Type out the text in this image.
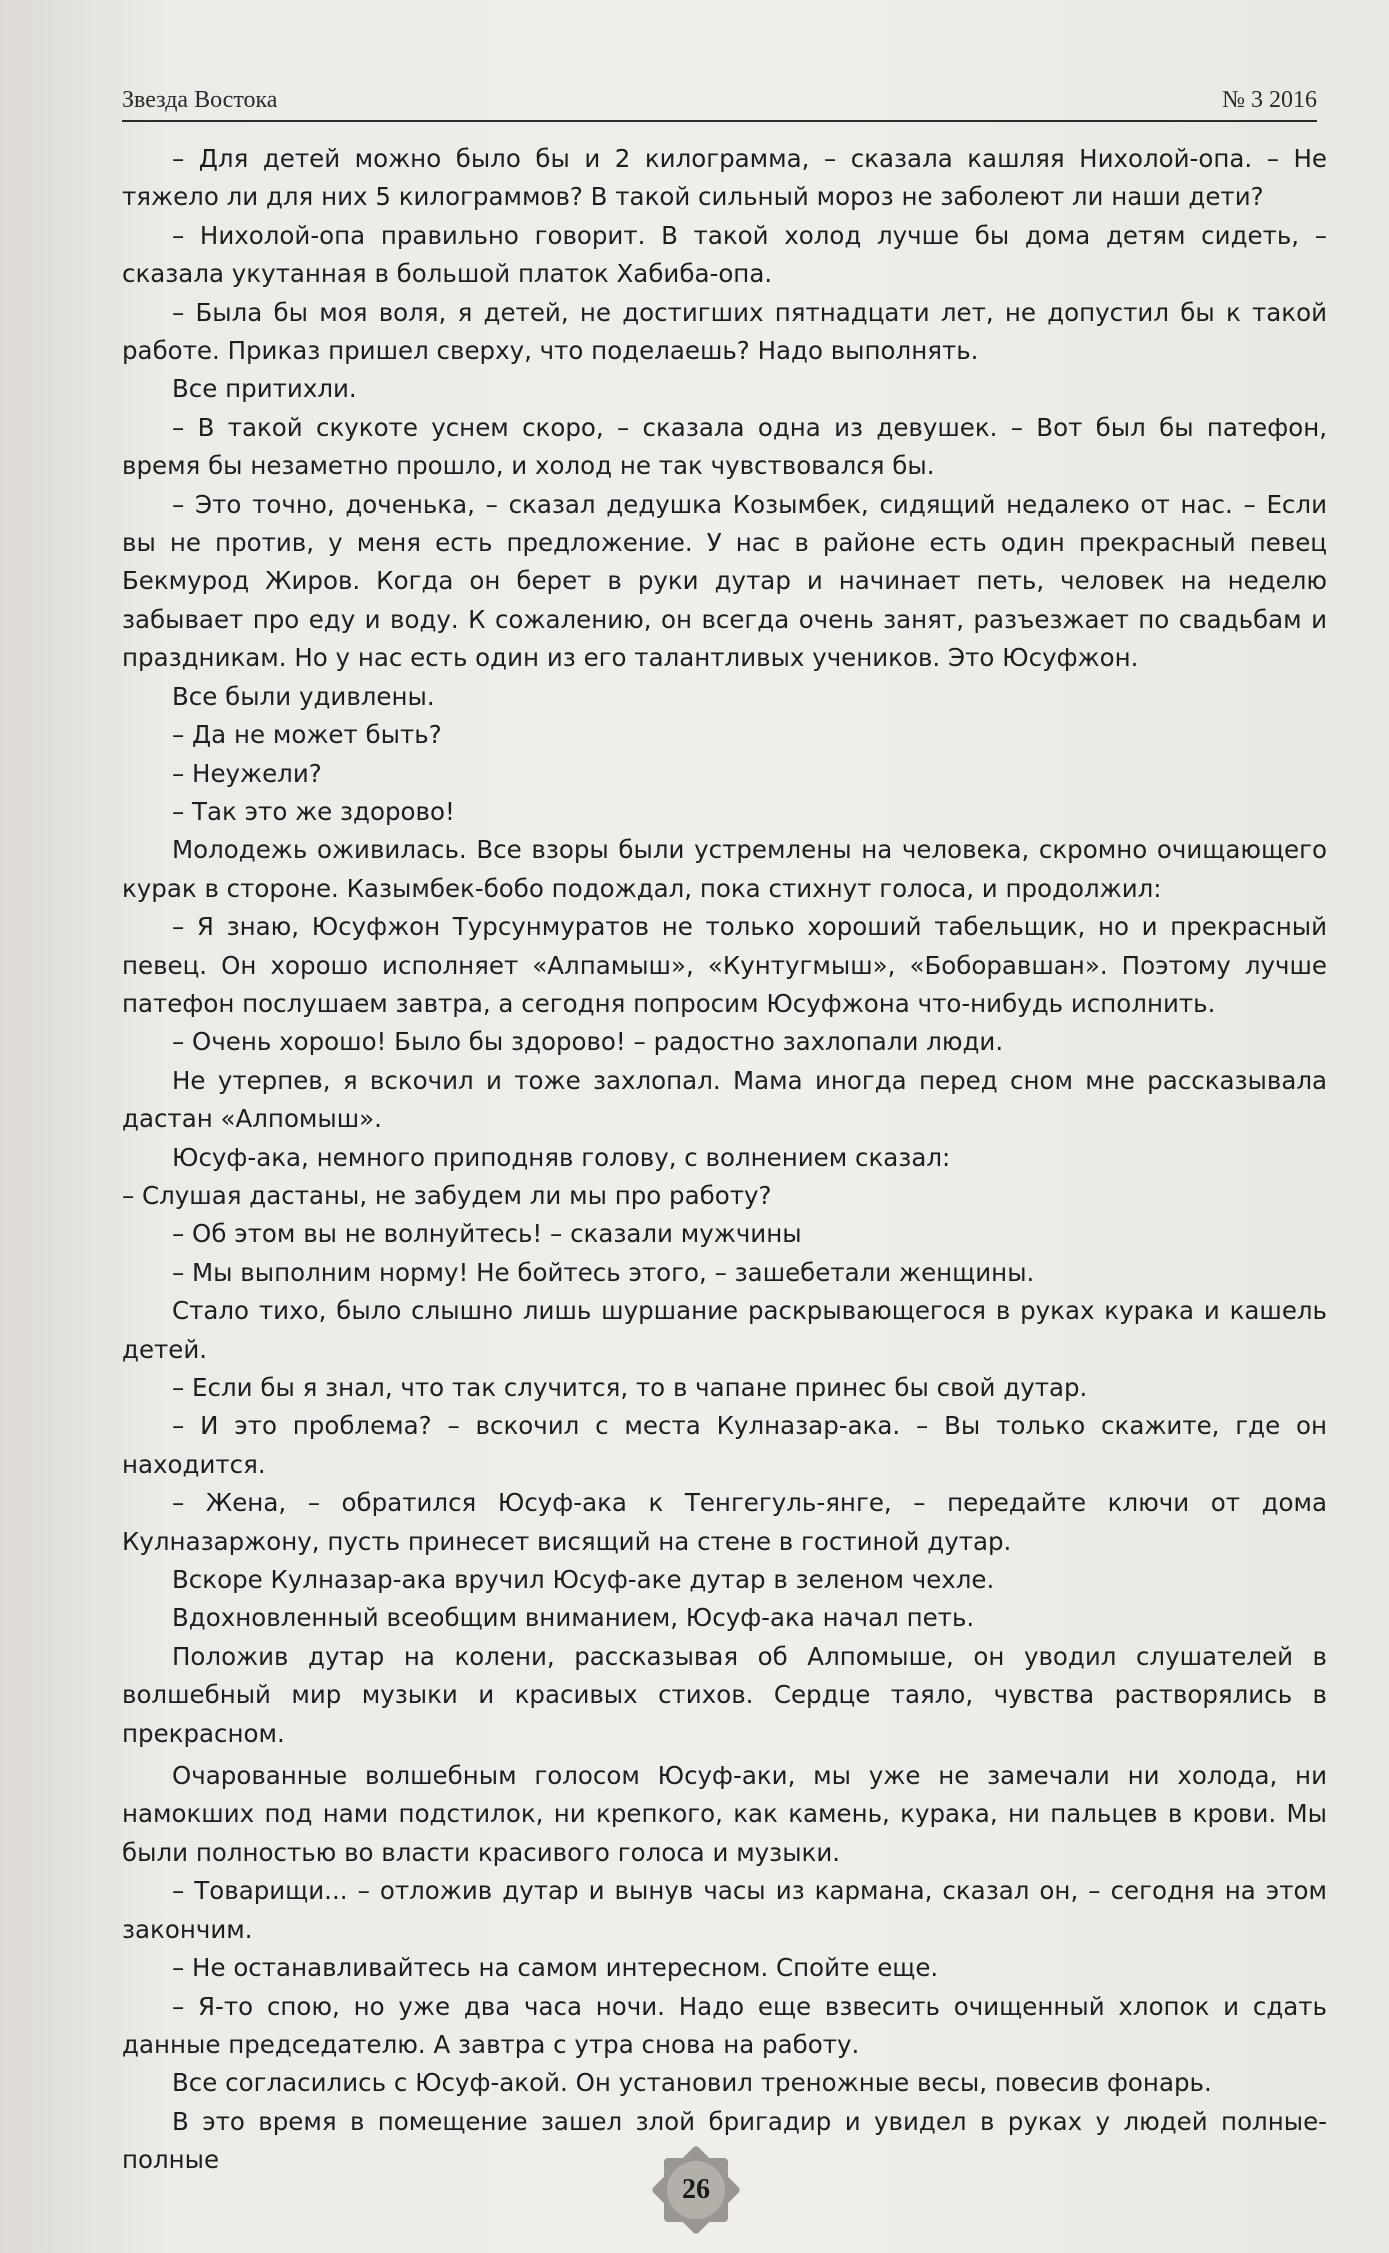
Звезда Востока	№ 3 2016

– Для детей можно было бы и 2 килограмма, – сказала кашляя Нихолой-опа. – Не тяжело ли для них 5 килограммов? В такой сильный мороз не заболеют ли наши дети?

– Нихолой-опа правильно говорит. В такой холод лучше бы дома детям сидеть, – сказала укутанная в большой платок Хабиба-опа.

– Была бы моя воля, я детей, не достигших пятнадцати лет, не допустил бы к такой работе. Приказ пришел сверху, что поделаешь? Надо выполнять.

Все притихли.

– В такой скукоте уснем скоро, – сказала одна из девушек. – Вот был бы патефон, время бы незаметно прошло, и холод не так чувствовался бы.

– Это точно, доченька, – сказал дедушка Козымбек, сидящий недалеко от нас. – Если вы не против, у меня есть предложение. У нас в районе есть один прекрасный певец Бекмурод Жиров. Когда он берет в руки дутар и начинает петь, человек на неделю забывает про еду и воду. К сожалению, он всегда очень занят, разъезжает по свадьбам и праздникам. Но у нас есть один из его талантливых учеников. Это Юсуфжон.

Все были удивлены.

– Да не может быть?

– Неужели?

– Так это же здорово!

Молодежь оживилась. Все взоры были устремлены на человека, скромно очищающего курак в стороне. Казымбек-бобо подождал, пока стихнут голоса, и продолжил:

– Я знаю, Юсуфжон Турсунмуратов не только хороший табельщик, но и прекрасный певец. Он хорошо исполняет «Алпамыш», «Кунтугмыш», «Боборавшан». Поэтому лучше патефон послушаем завтра, а сегодня попросим Юсуфжона что-нибудь исполнить.

– Очень хорошо! Было бы здорово! – радостно захлопали люди.

Не утерпев, я вскочил и тоже захлопал. Мама иногда перед сном мне рассказывала дастан «Алпомыш».

Юсуф-ака, немного приподняв голову, с волнением сказал:

– Слушая дастаны, не забудем ли мы про работу?

– Об этом вы не волнуйтесь! – сказали мужчины

– Мы выполним норму! Не бойтесь этого, – зашебетали женщины.

Стало тихо, было слышно лишь шуршание раскрывающегося в руках курака и кашель детей.

– Если бы я знал, что так случится, то в чапане принес бы свой дутар.

– И это проблема? – вскочил с места Кулназар-ака. – Вы только скажите, где он находится.

– Жена, – обратился Юсуф-ака к Тенгегуль-янге, – передайте ключи от дома Кулназаржону, пусть принесет висящий на стене в гостиной дутар.

Вскоре Кулназар-ака вручил Юсуф-аке дутар в зеленом чехле.

Вдохновленный всеобщим вниманием, Юсуф-ака начал петь.

Положив дутар на колени, рассказывая об Алпомыше, он уводил слушателей в волшебный мир музыки и красивых стихов. Сердце таяло, чувства растворялись в прекрасном.

Очарованные волшебным голосом Юсуф-аки, мы уже не замечали ни холода, ни намокших под нами подстилок, ни крепкого, как камень, курака, ни пальцев в крови. Мы были полностью во власти красивого голоса и музыки.

– Товарищи... – отложив дутар и вынув часы из кармана, сказал он, – сегодня на этом закончим.

– Не останавливайтесь на самом интересном. Спойте еще.

– Я-то спою, но уже два часа ночи. Надо еще взвесить очищенный хлопок и сдать данные председателю. А завтра с утра снова на работу.

Все согласились с Юсуф-акой. Он установил треножные весы, повесив фонарь.

В это время в помещение зашел злой бригадир и увидел в руках у людей полные-полные

26
